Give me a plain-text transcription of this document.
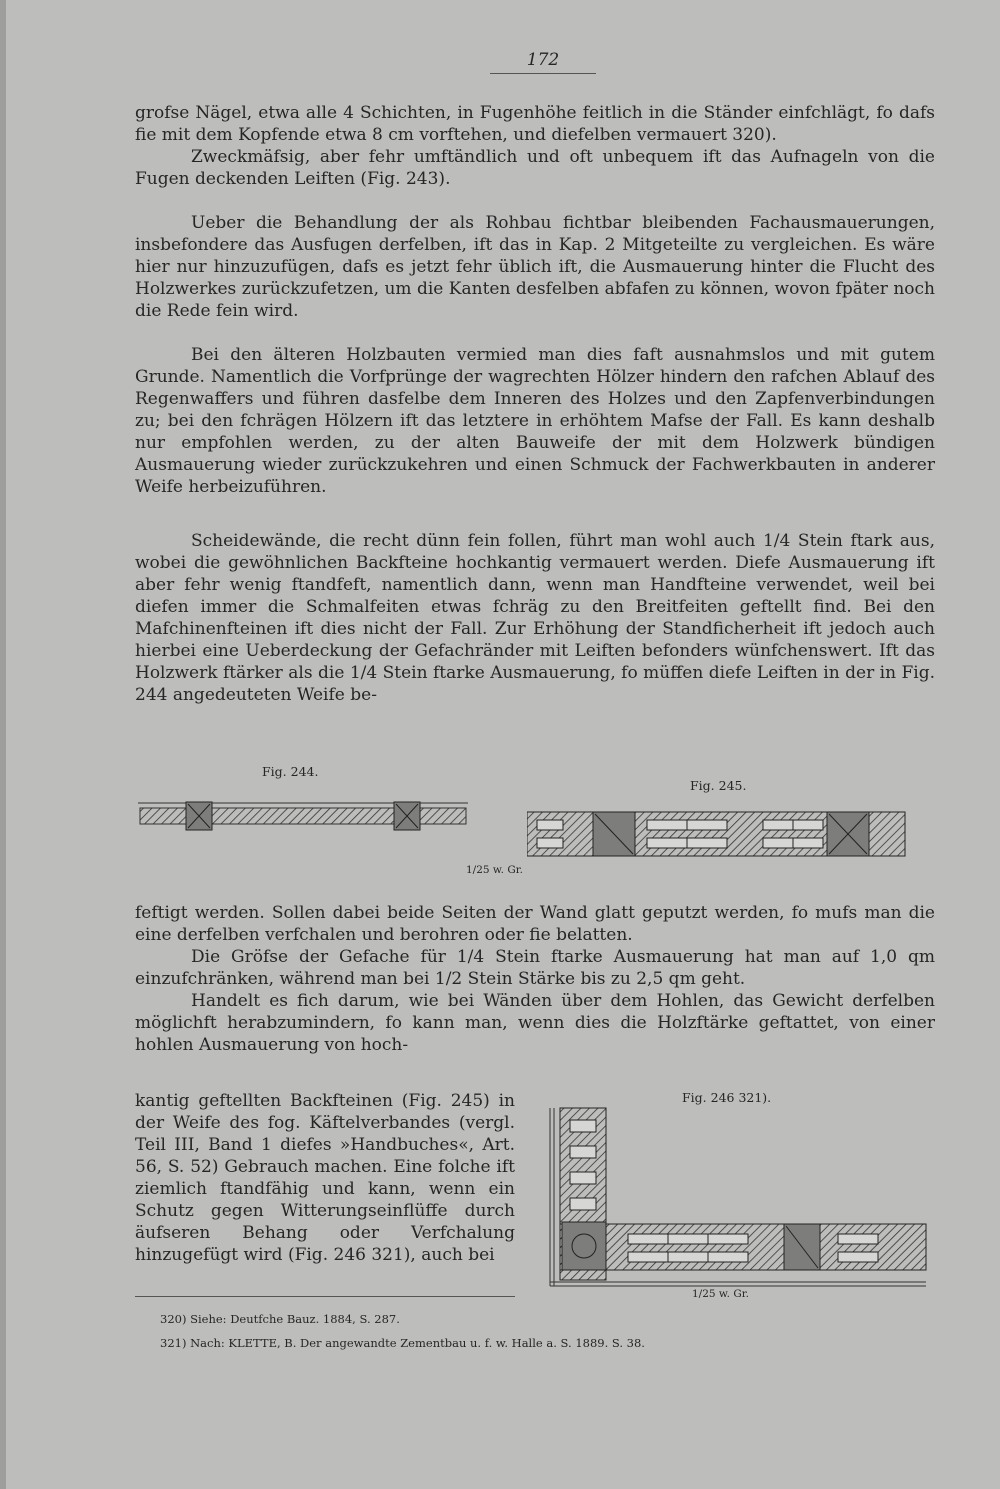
172

grofse Nägel, etwa alle 4 Schichten, in Fugenhöhe feitlich in die Ständer einfchlägt, fo dafs fie mit dem Kopfende etwa 8 cm vorftehen, und diefelben vermauert 320).

Zweckmäfsig, aber fehr umftändlich und oft unbequem ift das Aufnageln von die Fugen deckenden Leiften (Fig. 243).

Ueber die Behandlung der als Rohbau fichtbar bleibenden Fachausmauerungen, insbefondere das Ausfugen derfelben, ift das in Kap. 2 Mitgeteilte zu vergleichen. Es wäre hier nur hinzuzufügen, dafs es jetzt fehr üblich ift, die Ausmauerung hinter die Flucht des Holzwerkes zurückzufetzen, um die Kanten desfelben abfafen zu können, wovon fpäter noch die Rede fein wird.

Bei den älteren Holzbauten vermied man dies faft ausnahmslos und mit gutem Grunde. Namentlich die Vorfprünge der wagrechten Hölzer hindern den rafchen Ablauf des Regenwaffers und führen dasfelbe dem Inneren des Holzes und den Zapfenverbindungen zu; bei den fchrägen Hölzern ift das letztere in erhöhtem Mafse der Fall. Es kann deshalb nur empfohlen werden, zu der alten Bauweife der mit dem Holzwerk bündigen Ausmauerung wieder zurückzukehren und einen Schmuck der Fachwerkbauten in anderer Weife herbeizuführen.

Scheidewände, die recht dünn fein follen, führt man wohl auch 1/4 Stein ftark aus, wobei die gewöhnlichen Backfteine hochkantig vermauert werden. Diefe Ausmauerung ift aber fehr wenig ftandfeft, namentlich dann, wenn man Handfteine verwendet, weil bei diefen immer die Schmalfeiten etwas fchräg zu den Breitfeiten geftellt find. Bei den Mafchinenfteinen ift dies nicht der Fall. Zur Erhöhung der Standficherheit ift jedoch auch hierbei eine Ueberdeckung der Gefachränder mit Leiften befonders wünfchenswert. Ift das Holzwerk ftärker als die 1/4 Stein ftarke Ausmauerung, fo müffen diefe Leiften in der in Fig. 244 angedeuteten Weife be-

Fig. 244.
1/25 w. Gr.
Fig. 245.

feftigt werden. Sollen dabei beide Seiten der Wand glatt geputzt werden, fo mufs man die eine derfelben verfchalen und berohren oder fie belatten.

Die Gröfse der Gefache für 1/4 Stein ftarke Ausmauerung hat man auf 1,0 qm einzufchränken, während man bei 1/2 Stein Stärke bis zu 2,5 qm geht.

Handelt es fich darum, wie bei Wänden über dem Hohlen, das Gewicht derfelben möglichft herabzumindern, fo kann man, wenn dies die Holzftärke geftattet, von einer hohlen Ausmauerung von hoch-

kantig geftellten Backfteinen (Fig. 245) in der Weife des fog. Käftelverbandes (vergl. Teil III, Band 1 diefes »Handbuches«, Art. 56, S. 52) Gebrauch machen. Eine folche ift ziemlich ftandfähig und kann, wenn ein Schutz gegen Witterungseinflüffe durch äufseren Behang oder Verfchalung hinzugefügt wird (Fig. 246 321), auch bei

Fig. 246 321).
1/25 w. Gr.
320) Siehe: Deutfche Bauz. 1884, S. 287.
321) Nach: KLETTE, B. Der angewandte Zementbau u. f. w. Halle a. S. 1889. S. 38.
